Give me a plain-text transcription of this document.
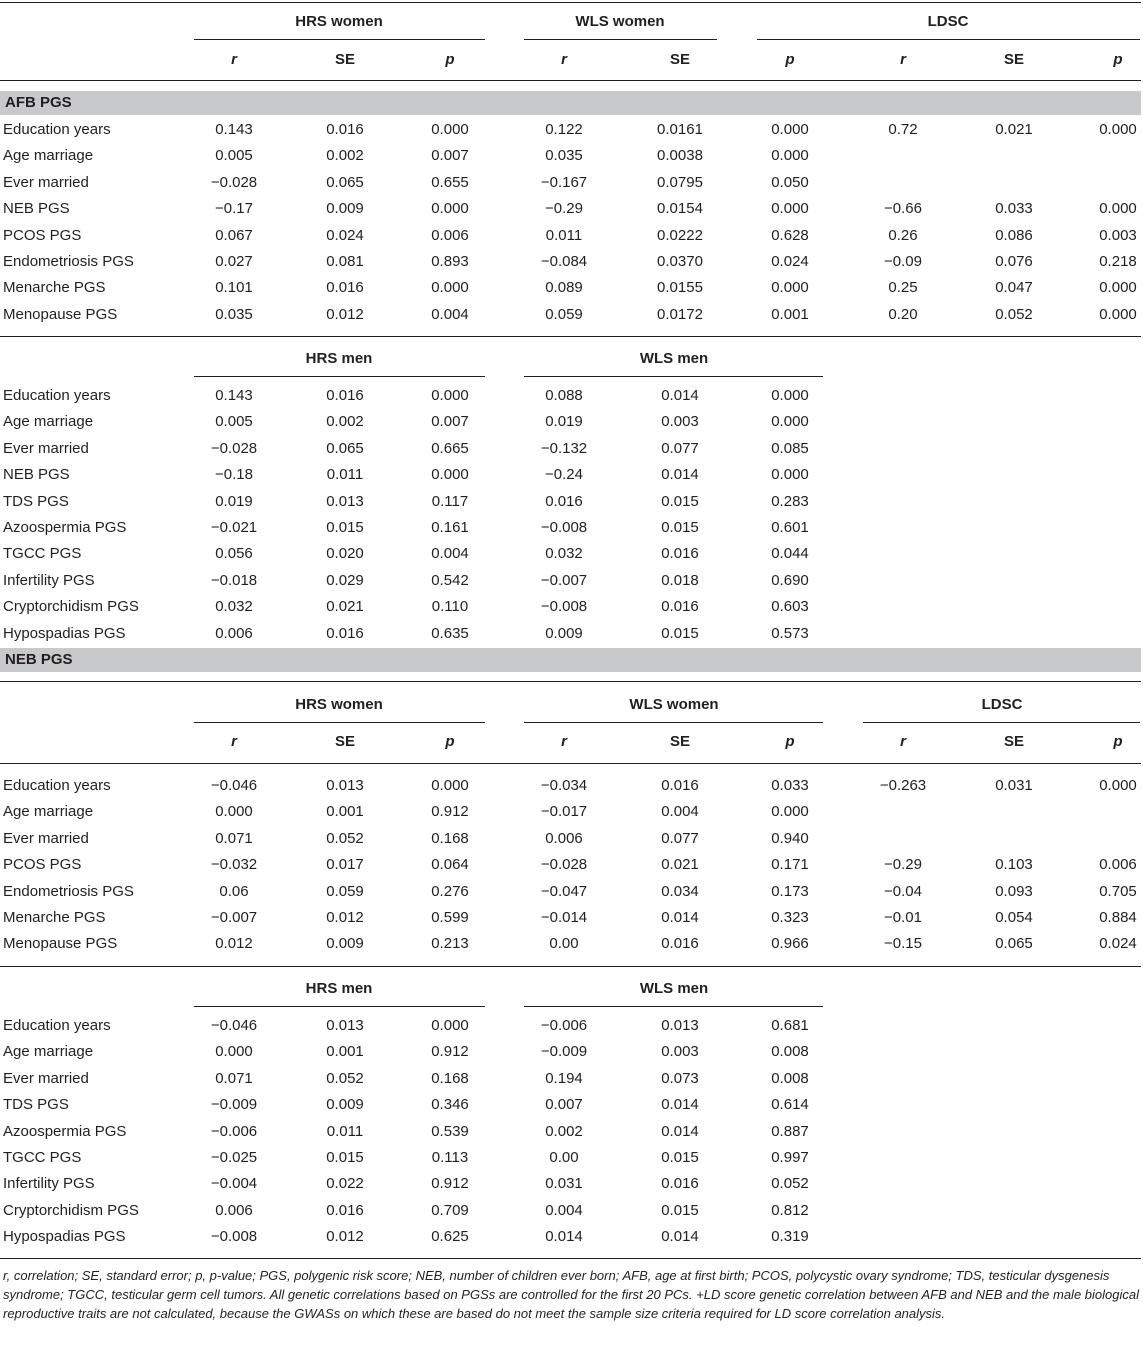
HRS women	WLS women	LDSC
r	SE	p	r	SE	p	r	SE	p
AFB PGS
Education years	0.143	0.016	0.000	0.122	0.0161	0.000	0.72	0.021	0.000
Age marriage	0.005	0.002	0.007	0.035	0.0038	0.000
Ever married	−0.028	0.065	0.655	−0.167	0.0795	0.050
NEB PGS	−0.17	0.009	0.000	−0.29	0.0154	0.000	−0.66	0.033	0.000
PCOS PGS	0.067	0.024	0.006	0.011	0.0222	0.628	0.26	0.086	0.003
Endometriosis PGS	0.027	0.081	0.893	−0.084	0.0370	0.024	−0.09	0.076	0.218
Menarche PGS	0.101	0.016	0.000	0.089	0.0155	0.000	0.25	0.047	0.000
Menopause PGS	0.035	0.012	0.004	0.059	0.0172	0.001	0.20	0.052	0.000
HRS men	WLS men
Education years	0.143	0.016	0.000	0.088	0.014	0.000
Age marriage	0.005	0.002	0.007	0.019	0.003	0.000
Ever married	−0.028	0.065	0.665	−0.132	0.077	0.085
NEB PGS	−0.18	0.011	0.000	−0.24	0.014	0.000
TDS PGS	0.019	0.013	0.117	0.016	0.015	0.283
Azoospermia PGS	−0.021	0.015	0.161	−0.008	0.015	0.601
TGCC PGS	0.056	0.020	0.004	0.032	0.016	0.044
Infertility PGS	−0.018	0.029	0.542	−0.007	0.018	0.690
Cryptorchidism PGS	0.032	0.021	0.110	−0.008	0.016	0.603
Hypospadias PGS	0.006	0.016	0.635	0.009	0.015	0.573
NEB PGS
HRS women	WLS women	LDSC
r	SE	p	r	SE	p	r	SE	p
Education years	−0.046	0.013	0.000	−0.034	0.016	0.033	−0.263	0.031	0.000
Age marriage	0.000	0.001	0.912	−0.017	0.004	0.000
Ever married	0.071	0.052	0.168	0.006	0.077	0.940
PCOS PGS	−0.032	0.017	0.064	−0.028	0.021	0.171	−0.29	0.103	0.006
Endometriosis PGS	0.06	0.059	0.276	−0.047	0.034	0.173	−0.04	0.093	0.705
Menarche PGS	−0.007	0.012	0.599	−0.014	0.014	0.323	−0.01	0.054	0.884
Menopause PGS	0.012	0.009	0.213	0.00	0.016	0.966	−0.15	0.065	0.024
HRS men	WLS men
Education years	−0.046	0.013	0.000	−0.006	0.013	0.681
Age marriage	0.000	0.001	0.912	−0.009	0.003	0.008
Ever married	0.071	0.052	0.168	0.194	0.073	0.008
TDS PGS	−0.009	0.009	0.346	0.007	0.014	0.614
Azoospermia PGS	−0.006	0.011	0.539	0.002	0.014	0.887
TGCC PGS	−0.025	0.015	0.113	0.00	0.015	0.997
Infertility PGS	−0.004	0.022	0.912	0.031	0.016	0.052
Cryptorchidism PGS	0.006	0.016	0.709	0.004	0.015	0.812
Hypospadias PGS	−0.008	0.012	0.625	0.014	0.014	0.319
r, correlation; SE, standard error; p, p-value; PGS, polygenic risk score; NEB, number of children ever born; AFB, age at first birth; PCOS, polycystic ovary syndrome; TDS, testicular dysgenesis syndrome; TGCC, testicular germ cell tumors. All genetic correlations based on PGSs are controlled for the first 20 PCs. +LD score genetic correlation between AFB and NEB and the male biological reproductive traits are not calculated, because the GWASs on which these are based do not meet the sample size criteria required for LD score correlation analysis.
